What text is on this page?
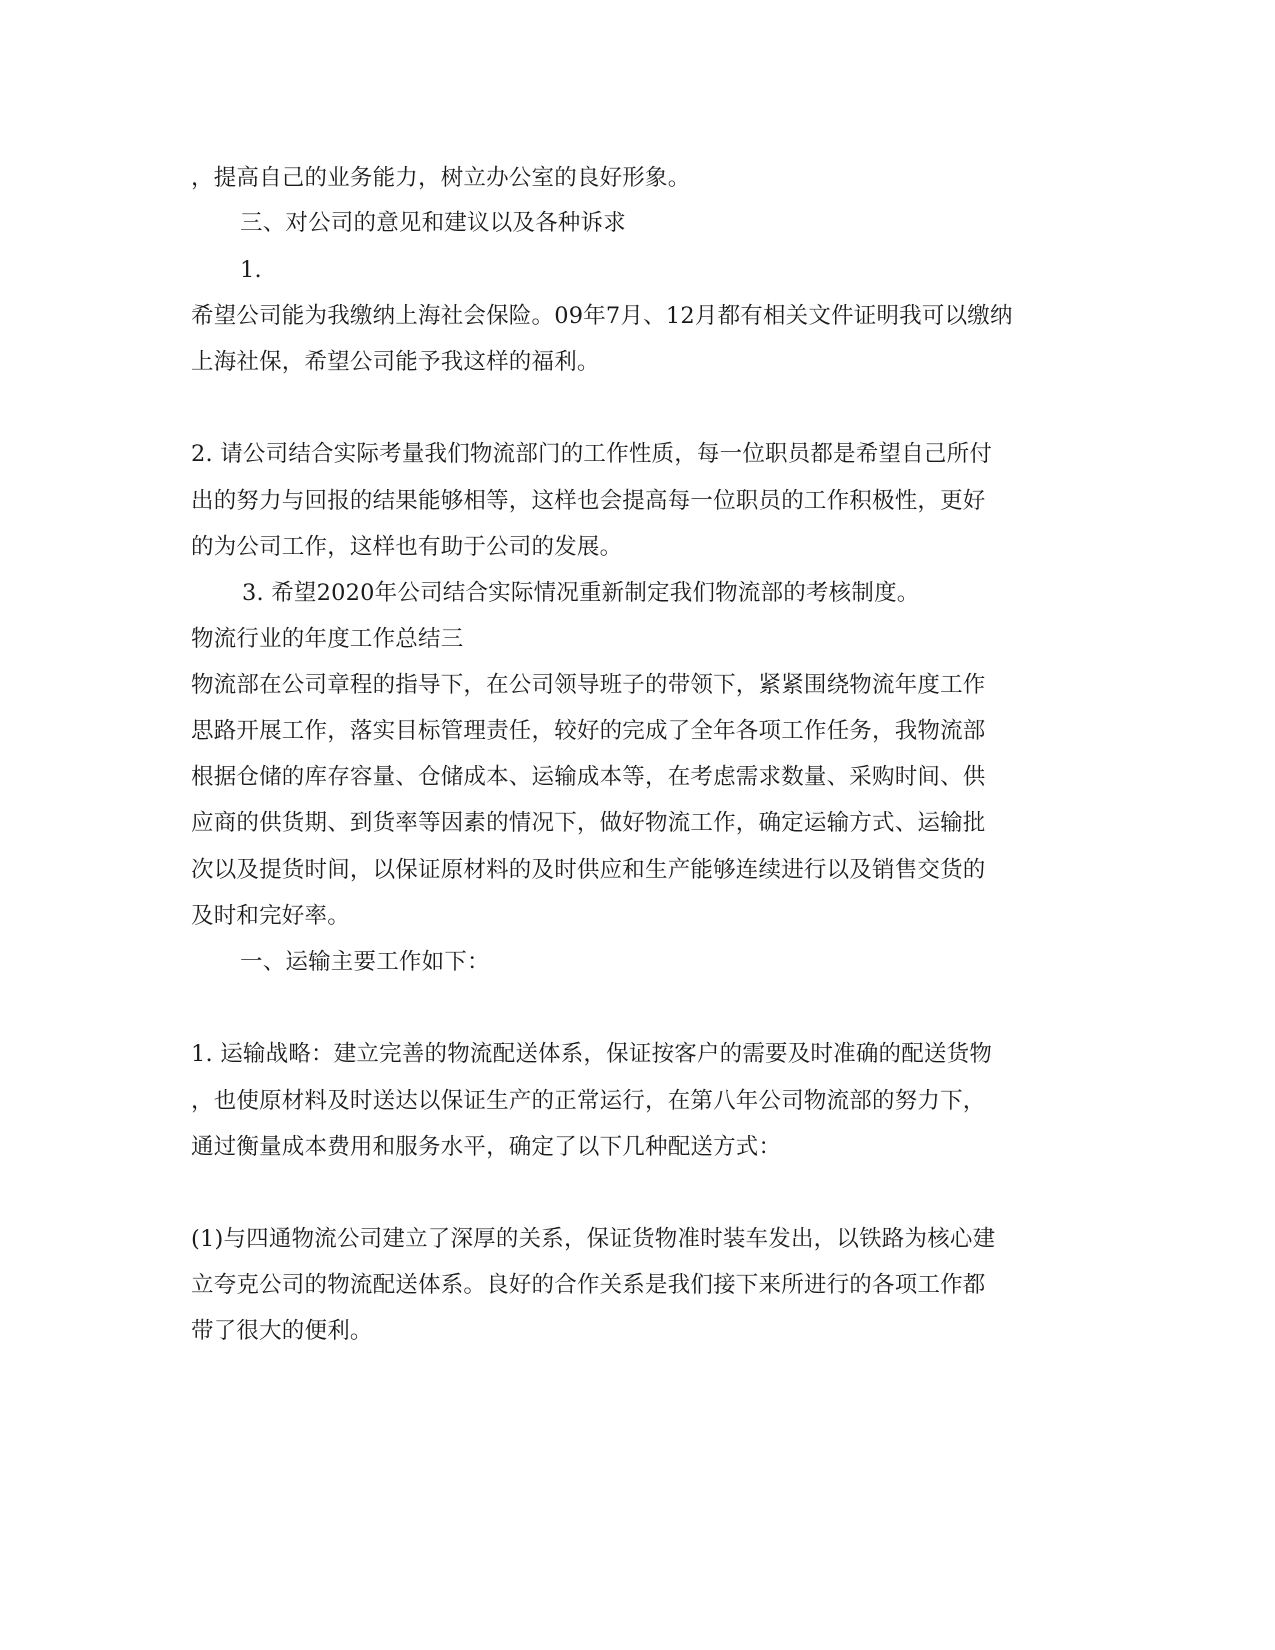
，提高自己的业务能力，树立办公室的良好形象。
三、对公司的意见和建议以及各种诉求
1.
希望公司能为我缴纳上海社会保险。09年7月、12月都有相关文件证明我可以缴纳
上海社保，希望公司能予我这样的福利。
2. 请公司结合实际考量我们物流部门的工作性质，每一位职员都是希望自己所付
出的努力与回报的结果能够相等，这样也会提高每一位职员的工作积极性，更好
的为公司工作，这样也有助于公司的发展。
3. 希望2020年公司结合实际情况重新制定我们物流部的考核制度。
物流行业的年度工作总结三
物流部在公司章程的指导下，在公司领导班子的带领下，紧紧围绕物流年度工作
思路开展工作，落实目标管理责任，较好的完成了全年各项工作任务，我物流部
根据仓储的库存容量、仓储成本、运输成本等，在考虑需求数量、采购时间、供
应商的供货期、到货率等因素的情况下，做好物流工作，确定运输方式、运输批
次以及提货时间，以保证原材料的及时供应和生产能够连续进行以及销售交货的
及时和完好率。
一、运输主要工作如下：
1. 运输战略：建立完善的物流配送体系，保证按客户的需要及时准确的配送货物
，也使原材料及时送达以保证生产的正常运行，在第八年公司物流部的努力下，
通过衡量成本费用和服务水平，确定了以下几种配送方式：
(1)与四通物流公司建立了深厚的关系，保证货物准时装车发出，以铁路为核心建
立夸克公司的物流配送体系。良好的合作关系是我们接下来所进行的各项工作都
带了很大的便利。
